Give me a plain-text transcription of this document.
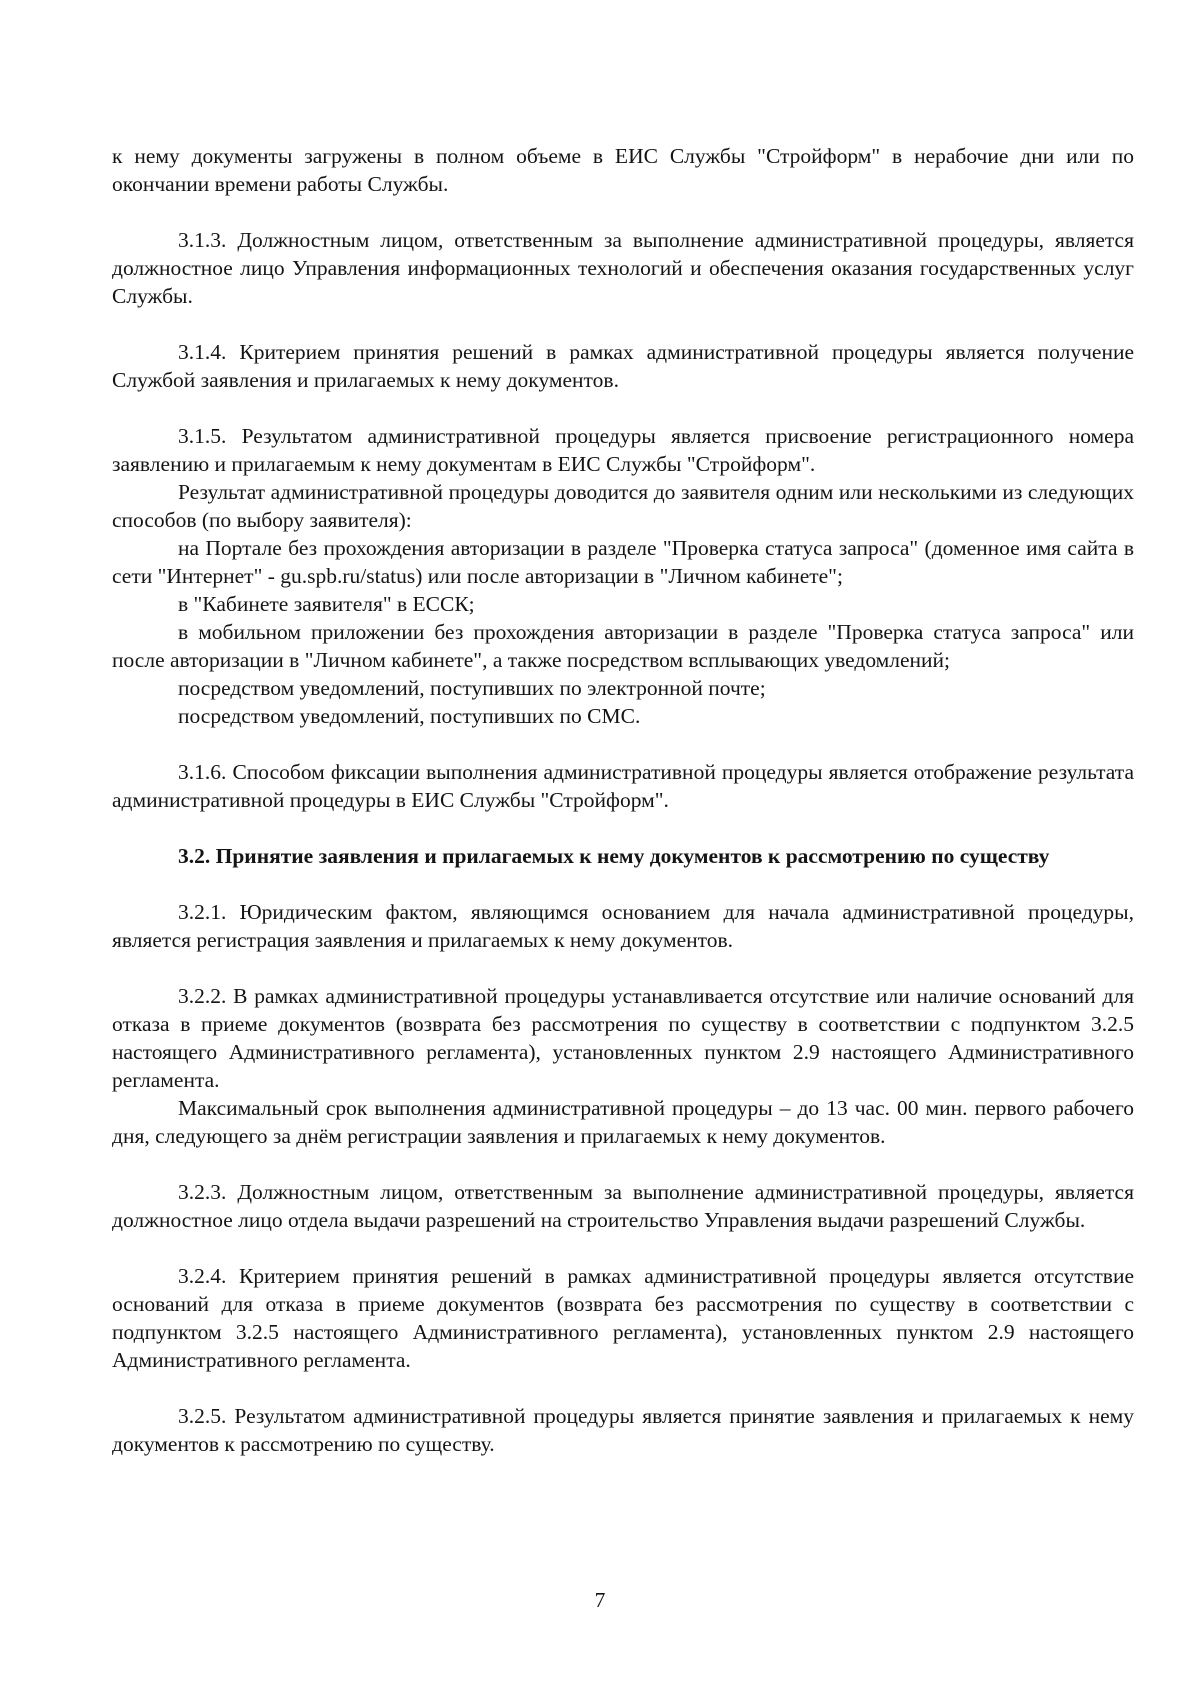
к нему документы загружены в полном объеме в ЕИС Службы "Стройформ" в нерабочие дни или по окончании времени работы Службы.

3.1.3. Должностным лицом, ответственным за выполнение административной процедуры, является должностное лицо Управления информационных технологий и обеспечения оказания государственных услуг Службы.

3.1.4. Критерием принятия решений в рамках административной процедуры является получение Службой заявления и прилагаемых к нему документов.

3.1.5. Результатом административной процедуры является присвоение регистрационного номера заявлению и прилагаемым к нему документам в ЕИС Службы "Стройформ".

Результат административной процедуры доводится до заявителя одним или несколькими из следующих способов (по выбору заявителя):

на Портале без прохождения авторизации в разделе "Проверка статуса запроса" (доменное имя сайта в сети "Интернет" - gu.spb.ru/status) или после авторизации в "Личном кабинете";

в "Кабинете заявителя" в ЕССК;

в мобильном приложении без прохождения авторизации в разделе "Проверка статуса запроса" или после авторизации в "Личном кабинете", а также посредством всплывающих уведомлений;

посредством уведомлений, поступивших по электронной почте;

посредством уведомлений, поступивших по СМС.

3.1.6. Способом фиксации выполнения административной процедуры является отображение результата административной процедуры в ЕИС Службы "Стройформ".

3.2. Принятие заявления и прилагаемых к нему документов к рассмотрению по существу

3.2.1. Юридическим фактом, являющимся основанием для начала административной процедуры, является регистрация заявления и прилагаемых к нему документов.

3.2.2. В рамках административной процедуры устанавливается отсутствие или наличие оснований для отказа в приеме документов (возврата без рассмотрения по существу в соответствии с подпунктом 3.2.5 настоящего Административного регламента), установленных пунктом 2.9 настоящего Административного регламента.

Максимальный срок выполнения административной процедуры – до 13 час. 00 мин. первого рабочего дня, следующего за днём регистрации заявления и прилагаемых к нему документов.

3.2.3. Должностным лицом, ответственным за выполнение административной процедуры, является должностное лицо отдела выдачи разрешений на строительство Управления выдачи разрешений Службы.

3.2.4. Критерием принятия решений в рамках административной процедуры является отсутствие оснований для отказа в приеме документов (возврата без рассмотрения по существу в соответствии с подпунктом 3.2.5 настоящего Административного регламента), установленных пунктом 2.9 настоящего Административного регламента.

3.2.5. Результатом административной процедуры является принятие заявления и прилагаемых к нему документов к рассмотрению по существу.

7
